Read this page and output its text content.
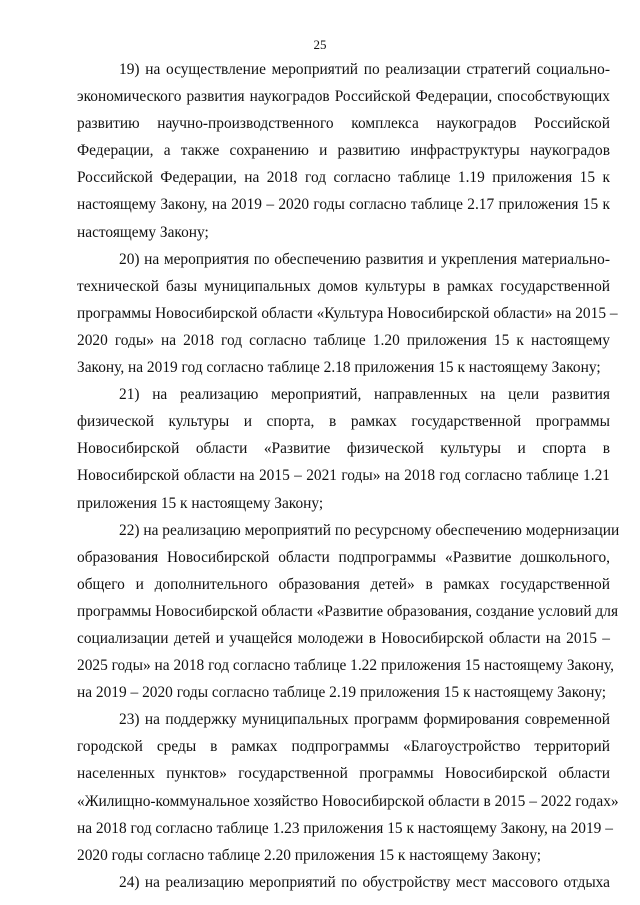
25
19) на осуществление мероприятий по реализации стратегий социально-
экономического развития наукоградов Российской Федерации, способствующих
развитию научно-производственного комплекса наукоградов Российской
Федерации, а также сохранению и развитию инфраструктуры наукоградов
Российской Федерации, на 2018 год согласно таблице 1.19 приложения 15 к
настоящему Закону, на 2019 – 2020 годы согласно таблице 2.17 приложения 15 к
настоящему Закону;
20) на мероприятия по обеспечению развития и укрепления материально-
технической базы муниципальных домов культуры в рамках государственной
программы Новосибирской области «Культура Новосибирской области» на 2015 –
2020 годы» на 2018 год согласно таблице 1.20 приложения 15 к настоящему
Закону, на 2019 год согласно таблице 2.18 приложения 15 к настоящему Закону;
21) на реализацию мероприятий, направленных на цели развития
физической культуры и спорта, в рамках государственной программы
Новосибирской области «Развитие физической культуры и спорта в
Новосибирской области на 2015 – 2021 годы» на 2018 год согласно таблице 1.21
приложения 15 к настоящему Закону;
22) на реализацию мероприятий по ресурсному обеспечению модернизации
образования Новосибирской области подпрограммы «Развитие дошкольного,
общего и дополнительного образования детей» в рамках государственной
программы Новосибирской области «Развитие образования, создание условий для
социализации детей и учащейся молодежи в Новосибирской области на 2015 –
2025 годы» на 2018 год согласно таблице 1.22 приложения 15 настоящему Закону,
на 2019 – 2020 годы согласно таблице 2.19 приложения 15 к настоящему Закону;
23) на поддержку муниципальных программ формирования современной
городской среды в рамках подпрограммы «Благоустройство территорий
населенных пунктов» государственной программы Новосибирской области
«Жилищно-коммунальное хозяйство Новосибирской области в 2015 – 2022 годах»
на 2018 год согласно таблице 1.23 приложения 15 к настоящему Закону, на 2019 –
2020 годы согласно таблице 2.20 приложения 15 к настоящему Закону;
24) на реализацию мероприятий по обустройству мест массового отдыха
